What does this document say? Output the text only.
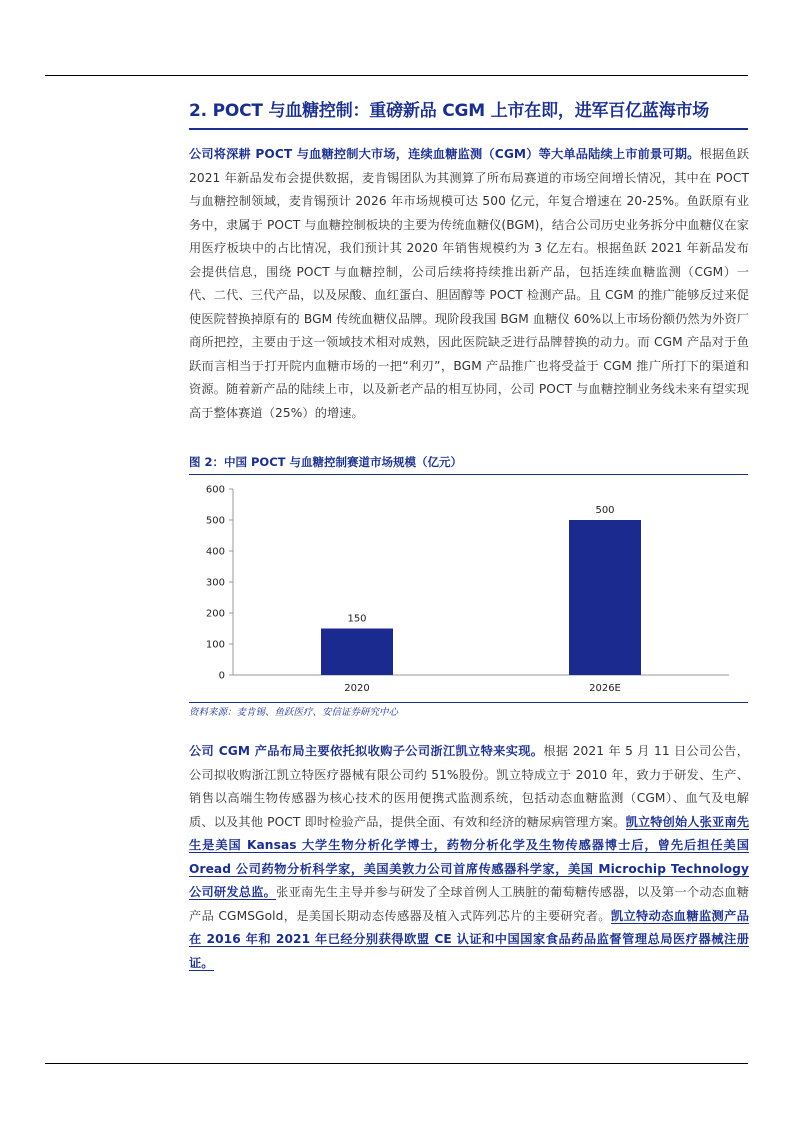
2. POCT 与血糖控制：重磅新品 CGM 上市在即，进军百亿蓝海市场
公司将深耕 POCT 与血糖控制大市场，连续血糖监测（CGM）等大单品陆续上市前景可期。根据鱼跃 2021 年新品发布会提供数据，麦肯锡团队为其测算了所布局赛道的市场空间增长情况，其中在 POCT 与血糖控制领域，麦肯锡预计 2026 年市场规模可达 500 亿元，年复合增速在 20-25%。鱼跃原有业务中，隶属于 POCT 与血糖控制板块的主要为传统血糖仪(BGM)，结合公司历史业务拆分中血糖仪在家用医疗板块中的占比情况，我们预计其 2020 年销售规模约为 3 亿左右。根据鱼跃 2021 年新品发布会提供信息，围绕 POCT 与血糖控制，公司后续将持续推出新产品，包括连续血糖监测（CGM）一代、二代、三代产品，以及尿酸、血红蛋白、胆固醇等 POCT 检测产品。且 CGM 的推广能够反过来促使医院替换掉原有的 BGM 传统血糖仪品牌。现阶段我国 BGM 血糖仪 60%以上市场份额仍然为外资厂商所把控，主要由于这一领域技术相对成熟，因此医院缺乏进行品牌替换的动力。而 CGM 产品对于鱼跃而言相当于打开院内血糖市场的一把“利刃”，BGM 产品推广也将受益于 CGM 推广所打下的渠道和资源。随着新产品的陆续上市，以及新老产品的相互协同，公司 POCT 与血糖控制业务线未来有望实现高于整体赛道（25%）的增速。
图 2：中国 POCT 与血糖控制赛道市场规模（亿元）
0
100
200
300
400
500
600
150
2020
500
2026E
资料来源：麦肯锡、鱼跃医疗、安信证券研究中心
公司 CGM 产品布局主要依托拟收购子公司浙江凯立特来实现。根据 2021 年 5 月 11 日公司公告，公司拟收购浙江凯立特医疗器械有限公司约 51%股份。凯立特成立于 2010 年，致力于研发、生产、销售以高端生物传感器为核心技术的医用便携式监测系统，包括动态血糖监测（CGM）、血气及电解质、以及其他 POCT 即时检验产品，提供全面、有效和经济的糖尿病管理方案。凯立特创始人张亚南先生是美国 Kansas 大学生物分析化学博士，药物分析化学及生物传感器博士后，曾先后担任美国 Oread 公司药物分析科学家，美国美敦力公司首席传感器科学家，美国 Microchip Technology 公司研发总监。张亚南先生主导并参与研发了全球首例人工胰脏的葡萄糖传感器，以及第一个动态血糖产品 CGMSGold，是美国长期动态传感器及植入式阵列芯片的主要研究者。凯立特动态血糖监测产品在 2016 年和 2021 年已经分别获得欧盟 CE 认证和中国国家食品药品监督管理总局医疗器械注册证。
